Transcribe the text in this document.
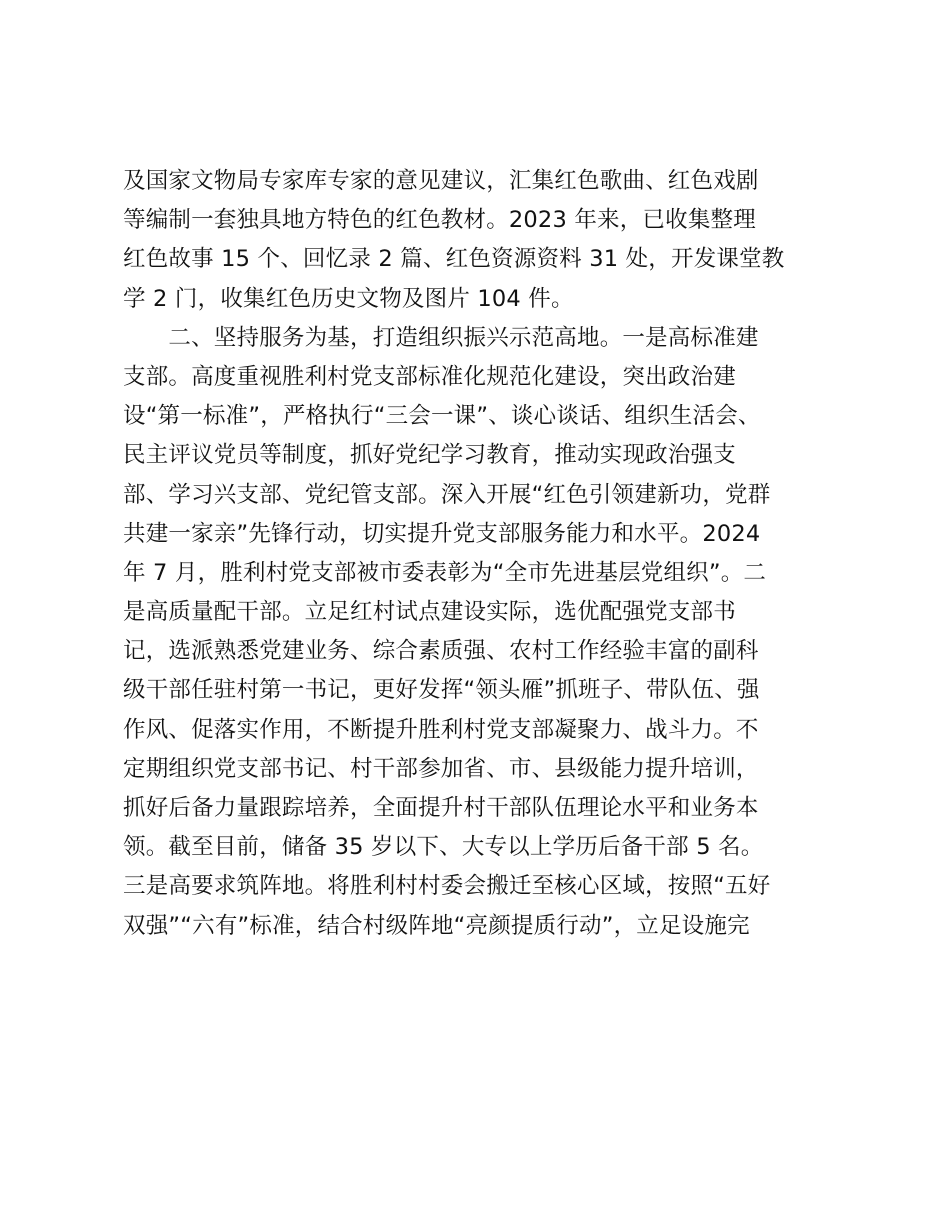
及国家文物局专家库专家的意见建议，汇集红色歌曲、红色戏剧
等编制一套独具地方特色的红色教材。2023 年来，已收集整理
红色故事 15 个、回忆录 2 篇、红色资源资料 31 处，开发课堂教
学 2 门，收集红色历史文物及图片 104 件。
　　二、坚持服务为基，打造组织振兴示范高地。一是高标准建
支部。高度重视胜利村党支部标准化规范化建设，突出政治建
设“第一标准”，严格执行“三会一课”、谈心谈话、组织生活会、
民主评议党员等制度，抓好党纪学习教育，推动实现政治强支
部、学习兴支部、党纪管支部。深入开展“红色引领建新功，党群
共建一家亲”先锋行动，切实提升党支部服务能力和水平。2024
年 7 月，胜利村党支部被市委表彰为“全市先进基层党组织”。二
是高质量配干部。立足红村试点建设实际，选优配强党支部书
记，选派熟悉党建业务、综合素质强、农村工作经验丰富的副科
级干部任驻村第一书记，更好发挥“领头雁”抓班子、带队伍、强
作风、促落实作用，不断提升胜利村党支部凝聚力、战斗力。不
定期组织党支部书记、村干部参加省、市、县级能力提升培训，
抓好后备力量跟踪培养，全面提升村干部队伍理论水平和业务本
领。截至目前，储备 35 岁以下、大专以上学历后备干部 5 名。
三是高要求筑阵地。将胜利村村委会搬迁至核心区域，按照“五好
双强”“六有”标准，结合村级阵地“亮颜提质行动”，立足设施完
